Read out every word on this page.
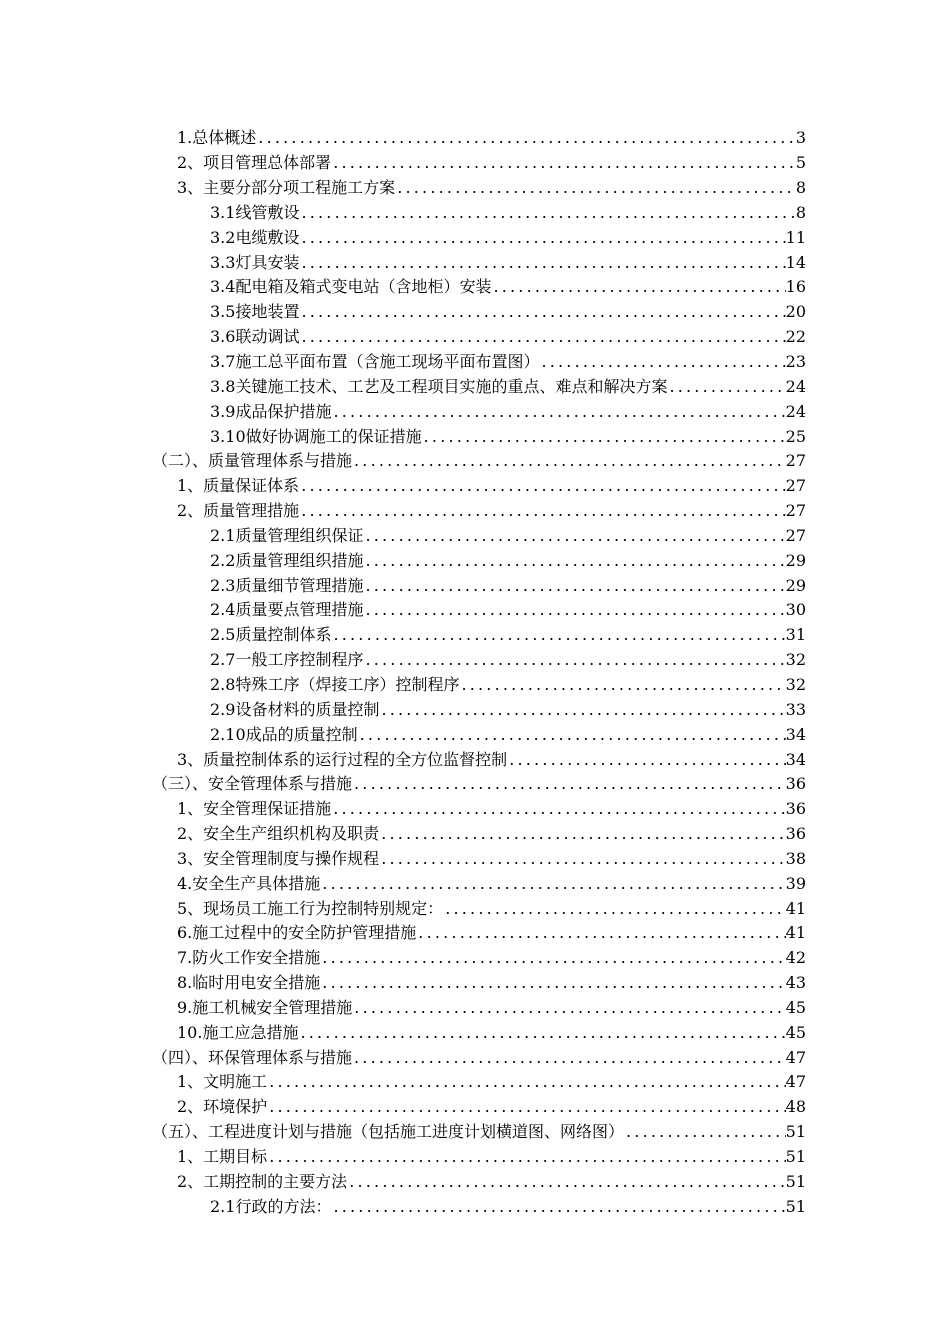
1.总体概述 .....	3
2、项目管理总体部署 .....	5
3、主要分部分项工程施工方案 .....	8
3.1线管敷设 .....	8
3.2电缆敷设 .....	11
3.3灯具安装 .....	14
3.4配电箱及箱式变电站（含地柜）安装 .....	16
3.5接地装置 .....	20
3.6联动调试 .....	22
3.7施工总平面布置（含施工现场平面布置图） .....	23
3.8关键施工技术、工艺及工程项目实施的重点、难点和解决方案 .....	24
3.9成品保护措施 .....	24
3.10做好协调施工的保证措施 .....	25
（二）、质量管理体系与措施 .....	27
1、质量保证体系 .....	27
2、质量管理措施 .....	27
2.1质量管理组织保证 .....	27
2.2质量管理组织措施 .....	29
2.3质量细节管理措施 .....	29
2.4质量要点管理措施 .....	30
2.5质量控制体系 .....	31
2.7一般工序控制程序 .....	32
2.8特殊工序（焊接工序）控制程序 .....	32
2.9设备材料的质量控制 .....	33
2.10成品的质量控制 .....	34
3、质量控制体系的运行过程的全方位监督控制 .....	34
（三）、安全管理体系与措施 .....	36
1、安全管理保证措施 .....	36
2、安全生产组织机构及职责 .....	36
3、安全管理制度与操作规程 .....	38
4.安全生产具体措施 .....	39
5、现场员工施工行为控制特别规定： .....	41
6.施工过程中的安全防护管理措施 .....	41
7.防火工作安全措施 .....	42
8.临时用电安全措施 .....	43
9.施工机械安全管理措施 .....	45
10.施工应急措施 .....	45
（四）、环保管理体系与措施 .....	47
1、文明施工 .....	47
2、环境保护 .....	48
（五）、工程进度计划与措施（包括施工进度计划横道图、网络图） .....	51
1、工期目标 .....	51
2、工期控制的主要方法 .....	51
2.1行政的方法： .....	51
